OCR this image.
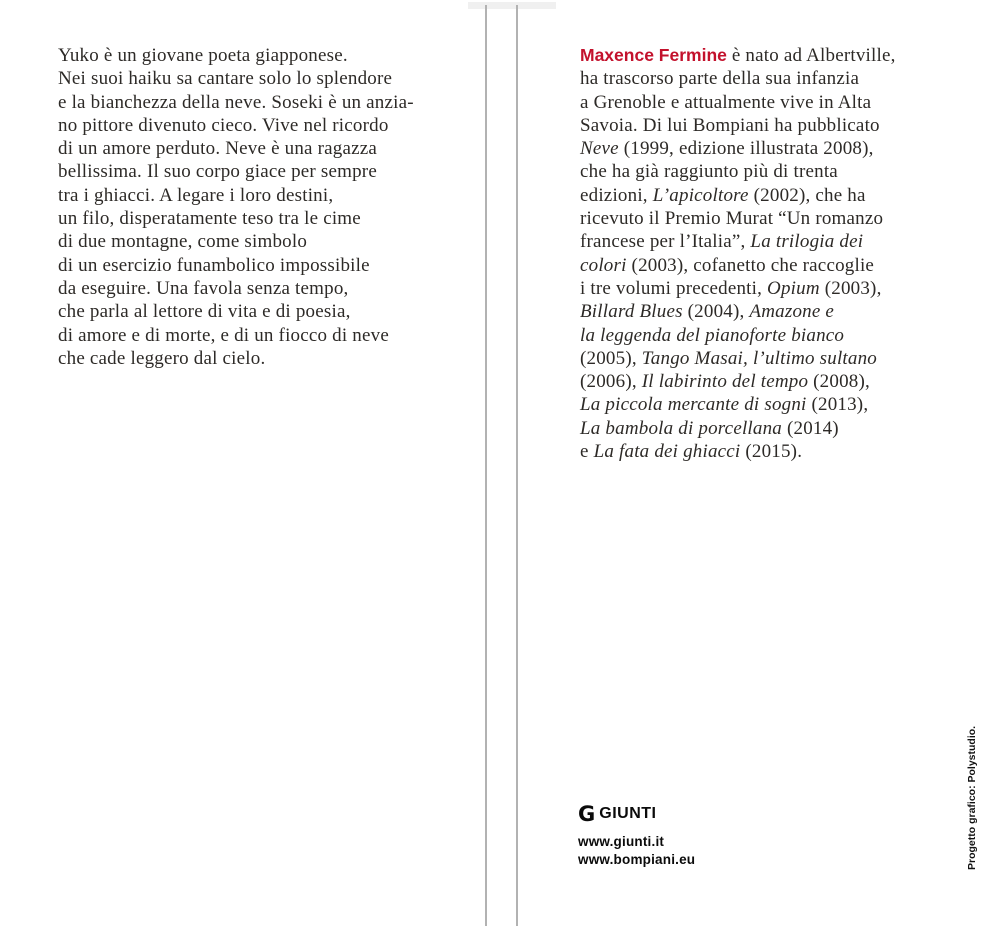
Yuko è un giovane poeta giapponese.
Nei suoi haiku sa cantare solo lo splendore
e la bianchezza della neve. Soseki è un anzia-
no pittore divenuto cieco. Vive nel ricordo
di un amore perduto. Neve è una ragazza
bellissima. Il suo corpo giace per sempre
tra i ghiacci. A legare i loro destini,
un filo, disperatamente teso tra le cime
di due montagne, come simbolo
di un esercizio funambolico impossibile
da eseguire. Una favola senza tempo,
che parla al lettore di vita e di poesia,
di amore e di morte, e di un fiocco di neve
che cade leggero dal cielo.
Maxence Fermine è nato ad Albertville,
ha trascorso parte della sua infanzia
a Grenoble e attualmente vive in Alta
Savoia. Di lui Bompiani ha pubblicato
Neve (1999, edizione illustrata 2008),
che ha già raggiunto più di trenta
edizioni, L’apicoltore (2002), che ha
ricevuto il Premio Murat “Un romanzo
francese per l’Italia”, La trilogia dei
colori (2003), cofanetto che raccoglie
i tre volumi precedenti, Opium (2003),
Billard Blues (2004), Amazone e
la leggenda del pianoforte bianco
(2005), Tango Masai, l’ultimo sultano
(2006), Il labirinto del tempo (2008),
La piccola mercante di sogni (2013),
La bambola di porcellana (2014)
e La fata dei ghiacci (2015).
G GIUNTI
www.giunti.it
www.bompiani.eu	Progetto grafico: Polystudio.
